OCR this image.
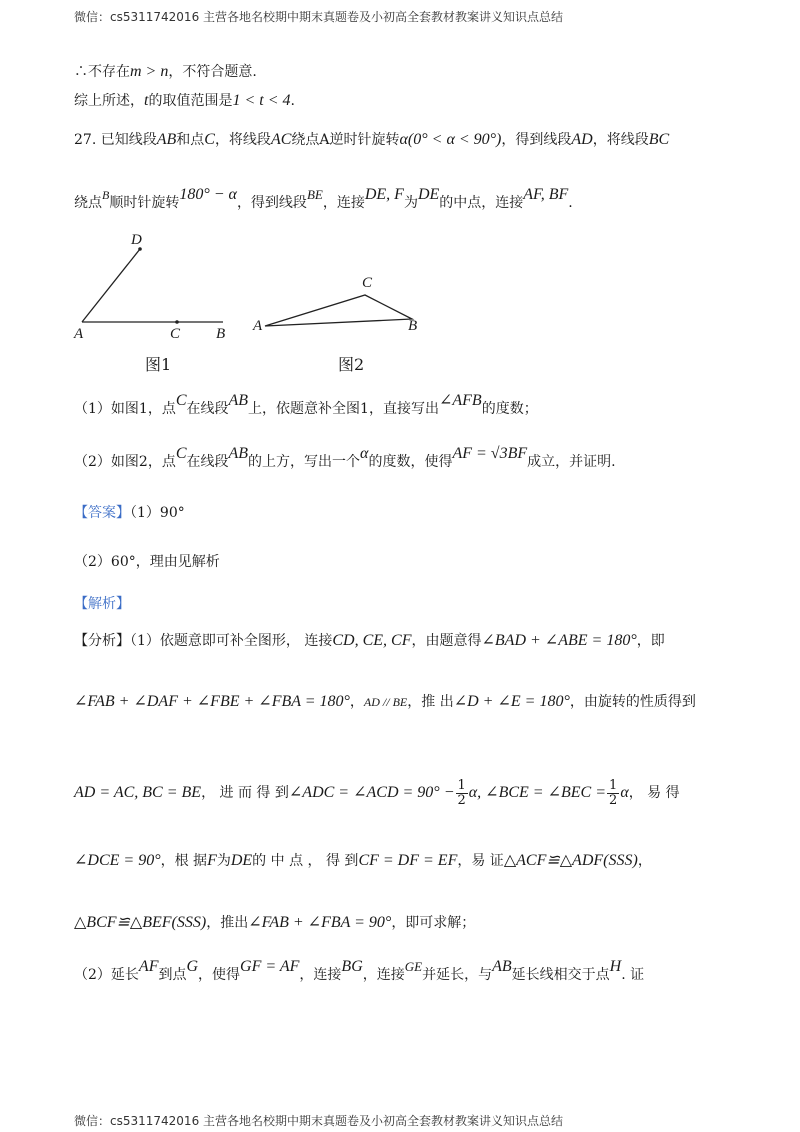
微信：cs5311742016 主营各地名校期中期末真题卷及小初高全套教材教案讲义知识点总结
∴不存在m > n，不符合题意.
综上所述，t的取值范围是1 < t < 4.
27. 已知线段AB和点C，将线段AC绕点A逆时针旋转α(0° < α < 90°)，得到线段AD，将线段BC
绕点B顺时针旋转180° − α，得到线段BE，连接DE, F为DE的中点，连接AF, BF.
D
A	C B
图1
C
A	B
图2
（1）如图1，点C在线段AB上，依题意补全图1，直接写出∠AFB的度数；
（2）如图2，点C在线段AB的上方，写出一个α的度数，使得AF = √3BF成立，并证明.
【答案】（1）90°
（2）60°，理由见解析
【解析】
【分析】（1）依题意即可补全图形， 连接CD, CE, CF，由题意得∠BAD + ∠ABE = 180°，即
∠FAB + ∠DAF + ∠FBE + ∠FBA = 180°，AD // BE，推 出∠D + ∠E = 180°，由旋转的性质得到
AD = AC, BC = BE， 进 而 得 到∠ADC = ∠ACD = $90^\circ - \frac{1}{2} \alpha$, ∠BCE = ∠BEC = $\frac{1}{2}$ α， 易 得
∠DCE = 90°，根 据F为DE的 中 点 ， 得 到CF = DF = EF，易 证△ACF≌△ADF(SSS)，
△BCF≌△BEF(SSS)，推出∠FAB + ∠FBA = 90°，即可求解；
（2）延长AF到点G，使得GF = AF，连接BG，连接GE并延长，与AB延长线相交于点H. 证
微信：cs5311742016 主营各地名校期中期末真题卷及小初高全套教材教案讲义知识点总结
